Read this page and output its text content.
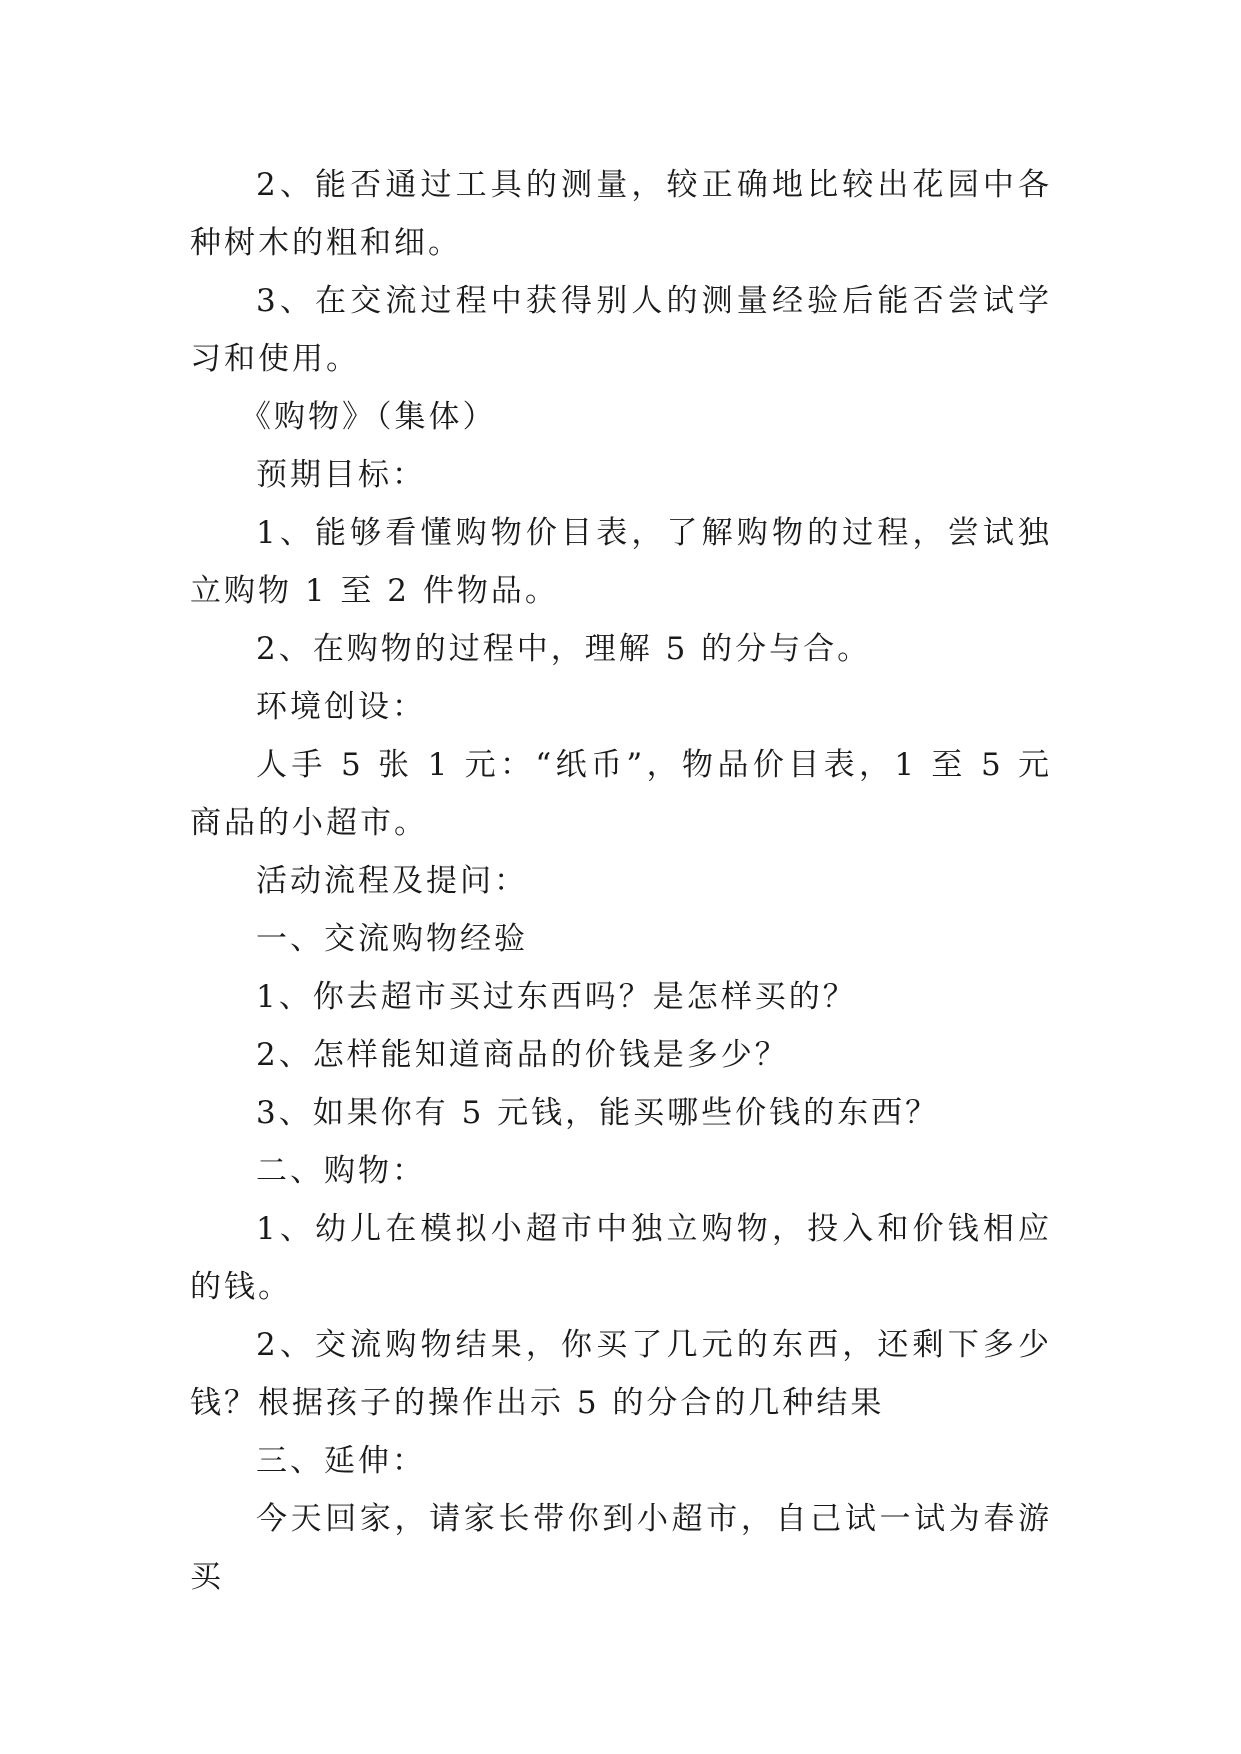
2、能否通过工具的测量，较正确地比较出花园中各种树木的粗和细。

3、在交流过程中获得别人的测量经验后能否尝试学习和使用。

《购物》（集体）

预期目标：

1、能够看懂购物价目表，了解购物的过程，尝试独立购物 1 至 2 件物品。

2、在购物的过程中，理解 5 的分与合。

环境创设：

人手 5 张 1 元：“纸币”，物品价目表，1 至 5 元商品的小超市。

活动流程及提问：

一、交流购物经验

1、你去超市买过东西吗？是怎样买的？

2、怎样能知道商品的价钱是多少？

3、如果你有 5 元钱，能买哪些价钱的东西？

二、购物：

1、幼儿在模拟小超市中独立购物，投入和价钱相应的钱。

2、交流购物结果，你买了几元的东西，还剩下多少钱？根据孩子的操作出示 5 的分合的几种结果

三、延伸：

今天回家，请家长带你到小超市，自己试一试为春游买
